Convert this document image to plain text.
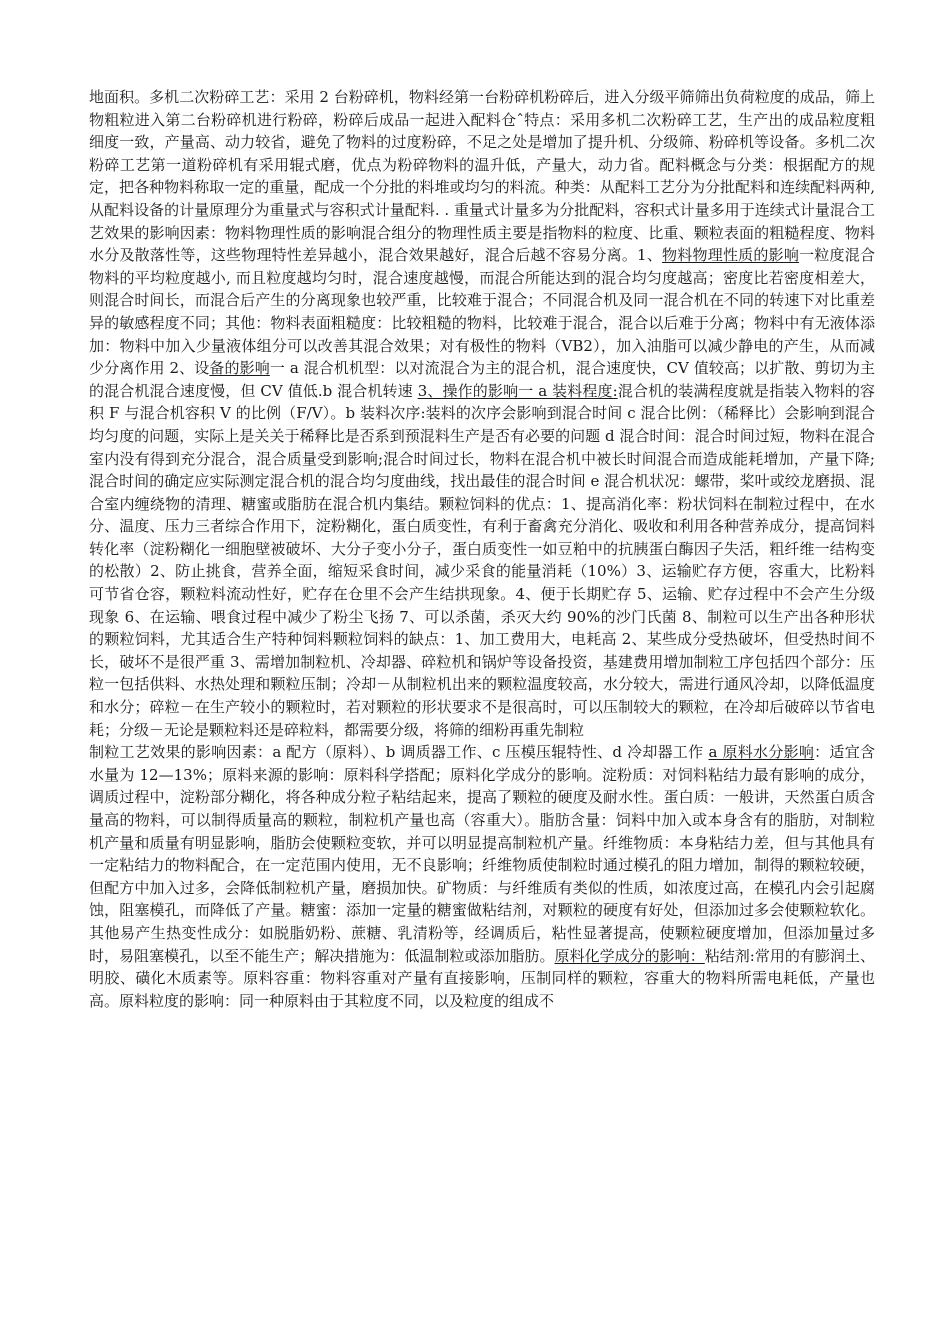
地面积。多机二次粉碎工艺：采用 2 台粉碎机，物料经第一台粉碎机粉碎后，进入分级平筛筛出负荷粒度的成品，筛上物粗粒进入第二台粉碎机进行粉碎，粉碎后成品一起进入配料仓ˆ特点：采用多机二次粉碎工艺，生产出的成品粒度粗细度一致，产量高、动力较省，避免了物料的过度粉碎，不足之处是增加了提升机、分级筛、粉碎机等设备。多机二次粉碎工艺第一道粉碎机有采用辊式磨，优点为粉碎物料的温升低，产量大，动力省。配料概念与分类：根据配方的规定，把各种物料称取一定的重量，配成一个分批的料堆或均匀的料流。种类：从配料工艺分为分批配料和连续配料两种, 从配料设备的计量原理分为重量式与容积式计量配料. . 重量式计量多为分批配料，容积式计量多用于连续式计量混合工艺效果的影响因素：物料物理性质的影响混合组分的物理性质主要是指物料的粒度、比重、颗粒表面的粗糙程度、物料水分及散落性等，这些物理特性差异越小，混合效果越好，混合后越不容易分离。1、物料物理性质的影响一粒度混合物料的平均粒度越小, 而且粒度越均匀时，混合速度越慢，而混合所能达到的混合均匀度越高；密度比若密度相差大，则混合时间长，而混合后产生的分离现象也较严重，比较难于混合；不同混合机及同一混合机在不同的转速下对比重差异的敏感程度不同；其他：物料表面粗糙度：比较粗糙的物料，比较难于混合，混合以后难于分离；物料中有无液体添加：物料中加入少量液体组分可以改善其混合效果；对有极性的物料（VB2），加入油脂可以减少静电的产生，从而减少分离作用 2、设备的影响一 a 混合机机型：以对流混合为主的混合机，混合速度快，CV 值较高；以扩散、剪切为主的混合机混合速度慢，但 CV 值低.b 混合机转速 3、操作的影响一 a 装料程度:混合机的装满程度就是指装入物料的容积 F 与混合机容积 V 的比例（F/V）。b 装料次序:装料的次序会影响到混合时间 c 混合比例：（稀释比）会影响到混合均匀度的问题，实际上是关关于稀释比是否系到预混料生产是否有必要的问题 d 混合时间：混合时间过短，物料在混合室内没有得到充分混合，混合质量受到影响;混合时间过长，物料在混合机中被长时间混合而造成能耗增加，产量下降;混合时间的确定应实际测定混合机的混合均匀度曲线，找出最佳的混合时间 e 混合机状况：螺带，桨叶或绞龙磨损、混合室内缠绕物的清理、糖蜜或脂肪在混合机内集结。颗粒饲料的优点：1、提高消化率：粉状饲料在制粒过程中，在水分、温度、压力三者综合作用下，淀粉糊化，蛋白质变性，有利于畜禽充分消化、吸收和利用各种营养成分，提高饲料转化率（淀粉糊化一细胞壁被破坏、大分子变小分子，蛋白质变性一如豆粕中的抗胰蛋白酶因子失活，粗纤维一结构变的松散）2、防止挑食，营养全面，缩短采食时间，减少采食的能量消耗（10%）3、运输贮存方便，容重大，比粉料可节省仓容，颗粒料流动性好，贮存在仓里不会产生结拱现象。4、便于长期贮存 5、运输、贮存过程中不会产生分级现象 6、在运输、喂食过程中减少了粉尘飞扬 7、可以杀菌，杀灭大约 90%的沙门氏菌 8、制粒可以生产出各种形状的颗粒饲料，尤其适合生产特种饲料颗粒饲料的缺点：1、加工费用大，电耗高 2、某些成分受热破坏，但受热时间不长，破坏不是很严重 3、需增加制粒机、冷却器、碎粒机和锅炉等设备投资，基建费用增加制粒工序包括四个部分：压粒一包括供料、水热处理和颗粒压制；冷却－从制粒机出来的颗粒温度较高，水分较大，需进行通风冷却，以降低温度和水分；碎粒－在生产较小的颗粒时，若对颗粒的形状要求不是很高时，可以压制较大的颗粒，在冷却后破碎以节省电耗；分级－无论是颗粒料还是碎粒料，都需要分级，将筛的细粉再重先制粒

制粒工艺效果的影响因素：a 配方（原料）、b 调质器工作、c 压模压辊特性、d 冷却器工作 a 原料水分影响：适宜含水量为 12—13%；原料来源的影响：原料科学搭配；原料化学成分的影响。淀粉质：对饲料粘结力最有影响的成分，调质过程中，淀粉部分糊化，将各种成分粒子粘结起来，提高了颗粒的硬度及耐水性。蛋白质：一般讲，天然蛋白质含量高的物料，可以制得质量高的颗粒，制粒机产量也高（容重大）。脂肪含量：饲料中加入或本身含有的脂肪，对制粒机产量和质量有明显影响，脂肪会使颗粒变软，并可以明显提高制粒机产量。纤维物质：本身粘结力差，但与其他具有一定粘结力的物料配合，在一定范围内使用，无不良影响；纤维物质使制粒时通过模孔的阻力增加，制得的颗粒较硬，但配方中加入过多，会降低制粒机产量，磨损加快。矿物质：与纤维质有类似的性质，如浓度过高，在模孔内会引起腐蚀，阻塞模孔，而降低了产量。糖蜜：添加一定量的糖蜜做粘结剂，对颗粒的硬度有好处，但添加过多会使颗粒软化。其他易产生热变性成分：如脱脂奶粉、蔗糖、乳清粉等，经调质后，粘性显著提高，使颗粒硬度增加，但添加量过多时，易阻塞模孔，以至不能生产；解决措施为：低温制粒或添加脂肪。原料化学成分的影响：粘结剂:常用的有膨润土、明胶、磺化木质素等。原料容重：物料容重对产量有直接影响，压制同样的颗粒，容重大的物料所需电耗低，产量也高。原料粒度的影响：同一种原料由于其粒度不同，以及粒度的组成不
